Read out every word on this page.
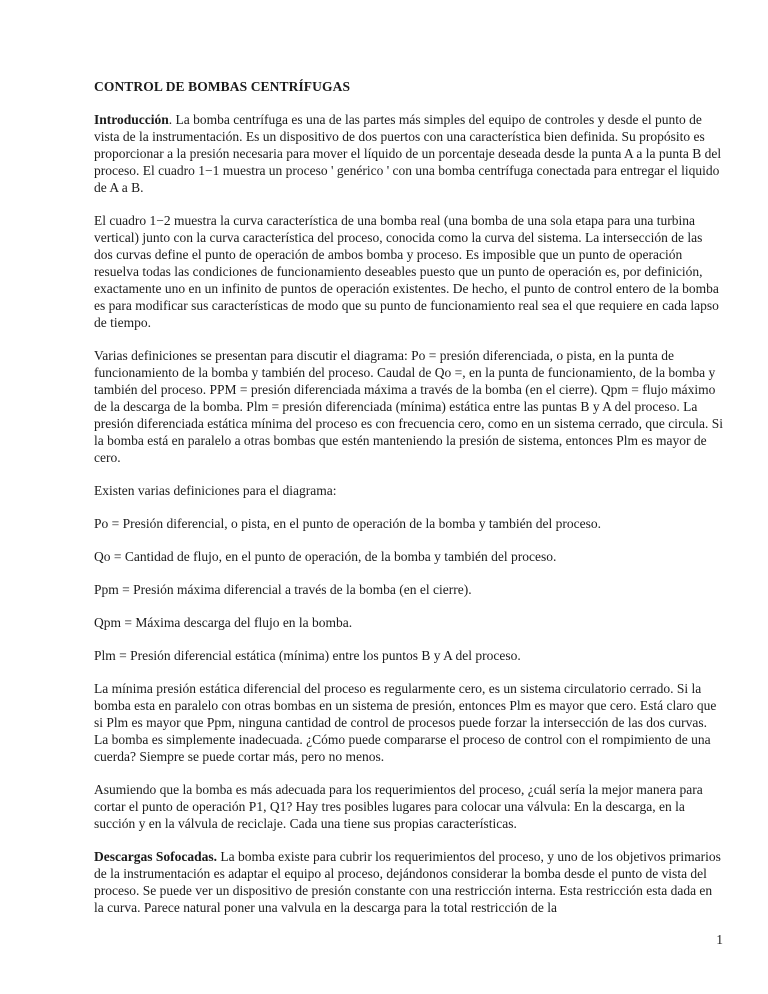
CONTROL DE BOMBAS CENTRÍFUGAS

Introducción. La bomba centrífuga es una de las partes más simples del equipo de controles y desde el punto de vista de la instrumentación. Es un dispositivo de dos puertos con una característica bien definida. Su propósito es proporcionar a la presión necesaria para mover el líquido de un porcentaje deseada desde la punta A a la punta B del proceso. El cuadro 1−1 muestra un proceso ' genérico ' con una bomba centrífuga conectada para entregar el liquido de A a B.

El cuadro 1−2 muestra la curva característica de una bomba real (una bomba de una sola etapa para una turbina vertical) junto con la curva característica del proceso, conocida como la curva del sistema. La intersección de las dos curvas define el punto de operación de ambos bomba y proceso. Es imposible que un punto de operación resuelva todas las condiciones de funcionamiento deseables puesto que un punto de operación es, por definición, exactamente uno en un infinito de puntos de operación existentes. De hecho, el punto de control entero de la bomba es para modificar sus características de modo que su punto de funcionamiento real sea el que requiere en cada lapso de tiempo.

Varias definiciones se presentan para discutir el diagrama: Po = presión diferenciada, o pista, en la punta de funcionamiento de la bomba y también del proceso. Caudal de Qo =, en la punta de funcionamiento, de la bomba y también del proceso. PPM = presión diferenciada máxima a través de la bomba (en el cierre). Qpm = flujo máximo de la descarga de la bomba. Plm = presión diferenciada (mínima) estática entre las puntas B y A del proceso. La presión diferenciada estática mínima del proceso es con frecuencia cero, como en un sistema cerrado, que circula. Si la bomba está en paralelo a otras bombas que estén manteniendo la presión de sistema, entonces Plm es mayor de cero.

Existen varias definiciones para el diagrama:

Po = Presión diferencial, o pista, en el punto de operación de la bomba y también del proceso.

Qo = Cantidad de flujo, en el punto de operación, de la bomba y también del proceso.

Ppm = Presión máxima diferencial a través de la bomba (en el cierre).

Qpm = Máxima descarga del flujo en la bomba.

Plm = Presión diferencial estática (mínima) entre los puntos B y A del proceso.

La mínima presión estática diferencial del proceso es regularmente cero, es un sistema circulatorio cerrado. Si la bomba esta en paralelo con otras bombas en un sistema de presión, entonces Plm es mayor que cero. Está claro que si Plm es mayor que Ppm, ninguna cantidad de control de procesos puede forzar la intersección de las dos curvas. La bomba es simplemente inadecuada. ¿Cómo puede compararse el proceso de control con el rompimiento de una cuerda? Siempre se puede cortar más, pero no menos.

Asumiendo que la bomba es más adecuada para los requerimientos del proceso, ¿cuál sería la mejor manera para cortar el punto de operación P1, Q1? Hay tres posibles lugares para colocar una válvula: En la descarga, en la succión y en la válvula de reciclaje. Cada una tiene sus propias características.

Descargas Sofocadas. La bomba existe para cubrir los requerimientos del proceso, y uno de los objetivos primarios de la instrumentación es adaptar el equipo al proceso, dejándonos considerar la bomba desde el punto de vista del proceso. Se puede ver un dispositivo de presión constante con una restricción interna. Esta restricción esta dada en la curva. Parece natural poner una valvula en la descarga para la total restricción de la

1
